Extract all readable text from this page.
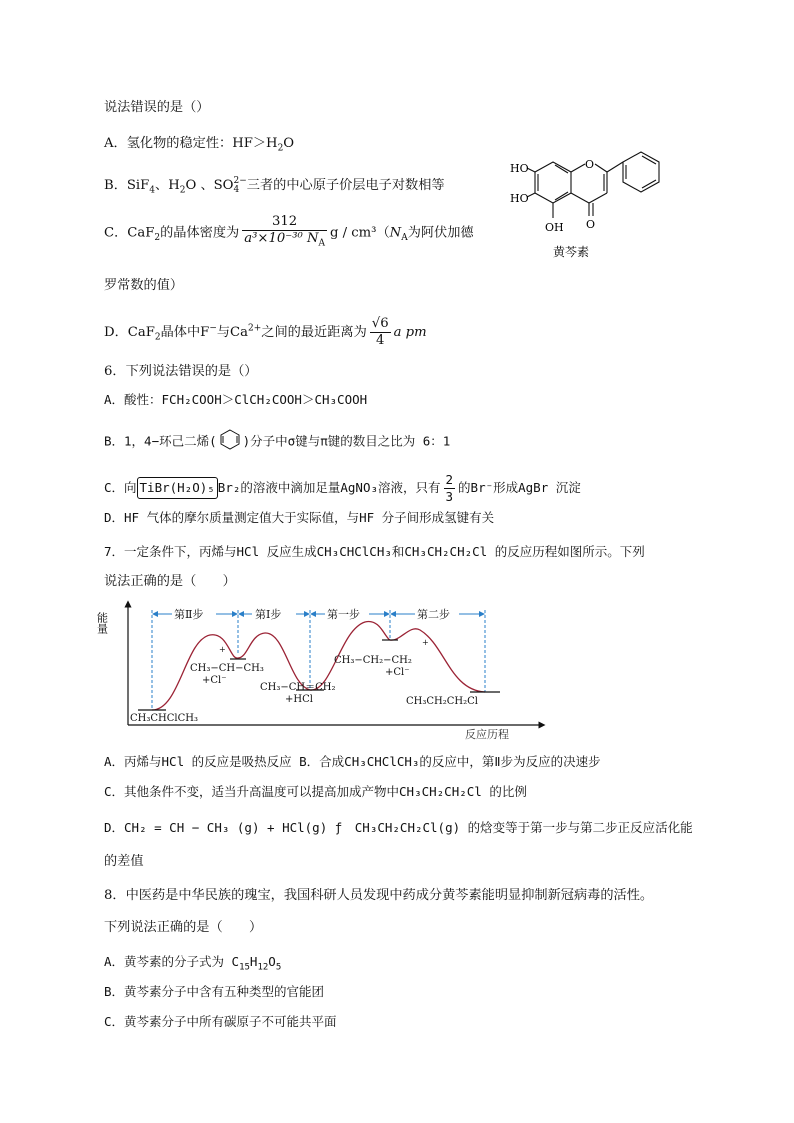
说法错误的是（）
A．氢化物的稳定性：$HF>H_2O$
B．SiF$_4$、$H_2O$ 、SO 2−
4 三者的中心原子价层电子对数相等
C．CaF$_2$的晶体密度为 $\frac{312}{a^3\times 10^{-30} N_A}$ g / $cm^3(N_A$为阿伏加德
罗常数的值）
D．CaF$_2$晶体中F−与$Ca^{2+}$之间的最近距离为 $\frac{√6}{4}$ a pm
HO
HO
OH
O
O
黄芩素
6．下列说法错误的是（）
A．酸性：FCH₂COOH＞ClCH₂COOH＞CH₃COOH
B．1，4−环己二烯( )分子中σ键与π键的数目之比为 6：1
C．向 TiBr(H₂O)₅ Br₂的溶液中滴加足量AgNO₃溶液，只有 $\frac{2}{3}$ 的Br⁻形成AgBr 沉淀
D．HF 气体的摩尔质量测定值大于实际值，与HF 分子间形成氢键有关
7．一定条件下，丙烯与HCl 反应生成CH₃CHClCH₃和CH₃CH₂CH₂Cl 的反应历程如图所示。下列
说法正确的是（　　）
能量
反应历程
第Ⅱ步	第Ⅰ步	第一步	第二步
CH₃CHClCH₃
+
CH₃−CH−CH₃
+Cl⁻
CH₃−CH＝CH₂
+HCl
+
CH₃−CH₂−CH₂
+Cl⁻
CH₃CH₂CH₂Cl
A．丙烯与HCl 的反应是吸热反应 B．合成CH₃CHClCH₃的反应中，第Ⅱ步为反应的决速步
C．其他条件不变，适当升高温度可以提高加成产物中CH₃CH₂CH₂Cl 的比例
D．CH₂ = CH − CH₃ (g) + HCl(g) ƒ　CH₃CH₂CH₂Cl(g) 的焓变等于第一步与第二步正反应活化能
的差值
8．中医药是中华民族的瑰宝，我国科研人员发现中药成分黄芩素能明显抑制新冠病毒的活性。
下列说法正确的是（　　）
A．黄芩素的分子式为 $C_{15}H_{12}O_5$
B．黄芩素分子中含有五种类型的官能团
C．黄芩素分子中所有碳原子不可能共平面
